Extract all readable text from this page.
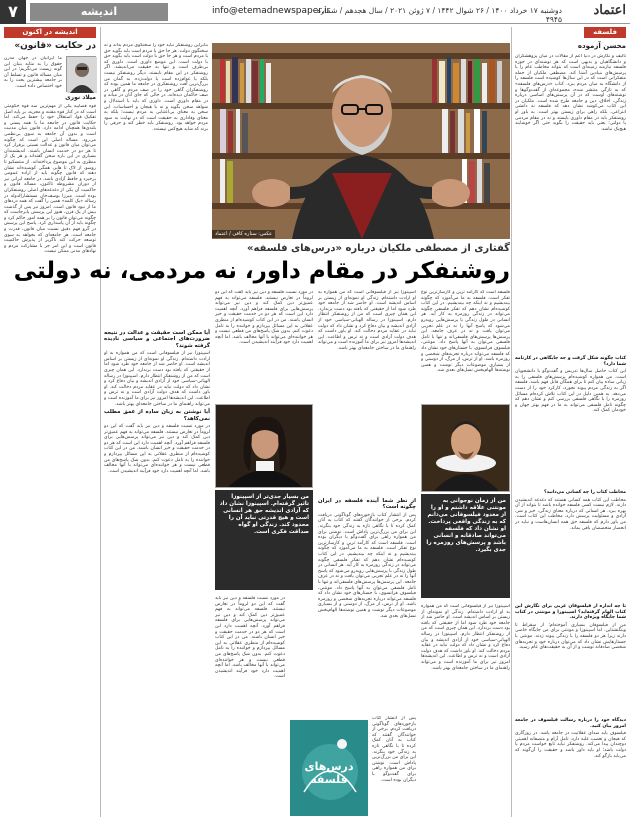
۷	اندیشه	info@etemadnewspaper.ir
دوشنبه ۱۷ خرداد ۱۴۰۰ / ۲۶ شوال ۱۴۴۲ / ۷ ژوئن ۲۰۲۱ / سال هجدهم / شماره ۴۹۴۵
اعتماد
اندیشه در اکنون
در حکایت «قانون»
ما ایرانیان در جهان مدرن حقوق را به مثابه بنیان این گونه زیست می‌نگریم؛ در این میان مساله قانون و تسلط آن بر جامعه بیشترین بحث را به خود اختصاص داده است.
میلاد نوری
قوه قضاییه یکی از مهم‌ترین سه قوه حکومتی است که در کنار قوه مقننه و مجریه، بر پایه اصل تفکیک قوا، استقلال خود را حفظ می‌کند. اما حکایت قانون در جامعه ما با همه پستی و بلندی‌ها همچنان ادامه دارد. قانون بنیان مدنیت است و بدون آن جامعه به سوی بی‌نظمی می‌رود. مساله اصلی این است که چگونه می‌توان میان قانون و عدالت نسبتی برقرار کرد تا هر دو در خدمت انسان باشند. اندیشمندان بسیاری در این باره سخن گفته‌اند و هر یک از منظری به این موضوع پرداخته‌اند. از منتسکیو تا روسو، از لاک تا هابز، همگی کوشیده‌اند نشان دهند که قانون چگونه باید از اراده عمومی برخیزد و حافظ آزادی باشد. در جامعه ایرانی نیز از دوران مشروطه تاکنون، مساله قانون و حاکمیت آن یکی از دغدغه‌های اصلی روشنفکران بوده است. میرزا یوسف‌خان مستشارالدوله در رساله «یک کلمه» همین را گفت که همه دردهای ما از نبود قانون است. امروز نیز پس از گذشت بیش از یک قرن، هنوز این پرسش پابرجاست که چگونه می‌توان قانون را بر همه امور حاکم کرد و چگونه باید از آن پاسداری کرد. پاسخ این پرسش در گرو فهم دقیق نسبت میان قانون، قدرت و جامعه است. هر جامعه‌ای که بخواهد به سوی توسعه حرکت کند ناگزیر از پذیرش حاکمیت قانون است و این امر جز با مشارکت مردم و نهادهای مدنی ممکن نیست.
فلسفه
محسن آزموده
تالیف و نگارش در دنیا اعم از مقالات در میان پژوهشگران و دانشگاهیان و بدیهی است که هر نوشته‌ای در حوزه فلسفه نیازمند زمینه‌ای است که بتواند مخاطب عام را با پرسش‌های بنیادین آشنا کند. مصطفی ملکیان از جمله متفکرانی است که در این سال‌ها کوشیده است فلسفه را از دانشگاه به میان مردم ببرد. کتاب «درس‌های فلسفه» که به تازگی منتشر شده، مجموعه‌ای از گفت‌وگوها و نوشته‌های اوست که در آن پرسش‌های اساسی درباره زندگی، اخلاق، دین و جامعه طرح شده است. ملکیان در این کتاب می‌کوشد نشان دهد که فلسفه نه دانشی انتزاعی، بلکه راهی برای زیستن بهتر است. به باور او روشنفکر باید در مقام داوری بایستد و نه در مقام مردمی یا دولتی؛ یعنی باید حقیقت را بگوید حتی اگر خوشایند هیچ‌یک نباشد.
کتاب چگونه شکل گرفت و جه جایگاهی در کارنامه شما دارد؟
این کتاب حاصل سال‌ها تدریس و گفت‌وگو با دانشجویان است. من همواره کوشیده‌ام پرسش‌های فلسفی را به زبانی ساده بیان کنم تا برای همگان قابل فهم باشد. فلسفه اگر به زندگی مردم پیوند نخورد، کارکرد خود را از دست می‌دهد. به همین دلیل در این کتاب تلاش کرده‌ام مسائل روزمره را با نگاهی فلسفی بررسی کنم و نشان دهم که چگونه تامل فلسفی می‌تواند به ما در فهم بهتر جهان و خودمان کمک کند.
مخاطب کتاب را چه کسانی می‌دانید؟
مخاطب این کتاب همه کسانی هستند که دغدغه اندیشیدن دارند. لازم نیست کسی فلسفه خوانده باشد تا بتواند از آن بهره ببرد. هر انسانی که درباره معنای زندگی، خیر و شر، آزادی و مسئولیت پرسش دارد، مخاطب این کتاب است. من باور دارم که فلسفه حق همه انسان‌هاست و نباید در انحصار متخصصان باقی بماند.
تا چه اندازه از فیلسوفان غربی برای نگارش این کتاب الهام گرفته‌اید؟ اسپینوزا و مونتنی در کتاب شما جایگاه ویژه‌ای دارند.
من از فیلسوفان بسیاری آموخته‌ام؛ از سقراط تا ویتگنشتاین. اما اسپینوزا و مونتنی برای من جایگاه خاصی دارند زیرا هر دو فلسفه را با زندگی پیوند زدند. مونتنی با جستارهایش نشان داد که می‌توان درباره خود و تجربه‌های شخصی صادقانه نوشت و از آن به حقیقت‌های عام رسید.
دیدگاه خود را درباره رسالت فیلسوف در جامعه امروز بیان کنید.
فیلسوف باید صدای عقلانیت در جامعه باشد. در روزگاری که هیجان و تعصب غلبه دارد، تامل آرام و منصفانه اهمیتی دوچندان پیدا می‌کند. روشنفکر نباید تابع خواست مردم یا دولت باشد؛ او باید داور باشد و حقیقت را آن‌گونه که می‌یابد بازگو کند.
بنابراین روشنفکر نباید خود را سخنگوی مردم بداند و نه سخنگوی دولت. هر جا حق با مردم است باید بگوید حق با مردم است و هر جا حق با دولت است باید بگوید حق با دولت است. این موضع داوری است. داوری که بی‌طرف است و تنها به حقیقت می‌اندیشد. اگر روشنفکر در این مقام نایستد، دیگر روشنفکر نیست بلکه یا عوام‌زده است یا دولت‌زده. به گمان من بزرگ‌ترین آفت روشنفکری در جامعه ما همین بوده که روشنفکران گاهی خود را در صف مردم و گاهی در صف حاکمان دیده‌اند، در حالی که جای آنان در میانه و در مقام داوری است. داوری که باید با استدلال و شواهد سخن بگوید و نه با هیجان و احساسات. این سخن به معنای بی‌اعتنایی به مردم نیست؛ بلکه به معنای وفاداری به حقیقت است که در نهایت به سود مردم خواهد بود. روشنفکر باید خطر کند و حرفی را بزند که شاید هیچ‌کس نپسندد.
عکس: ستاره کافی / اعتماد
گفتاری از مصطفی ملکیان درباره «درس‌های فلسفه»
روشنفکر در مقام داور، نه مردمی، نه دولتی
فلسفه است که کارآمد ترین و کارسازترین نوع تفکر است. فلسفه به ما می‌آموزد که چگونه بیندیشیم و نه اینکه چه بیندیشیم. در این کتاب کوشیده‌ام نشان دهم که تفکر فلسفی چگونه می‌تواند در زندگی روزمره به کار آید. هر انسانی در طول زندگی با پرسش‌هایی روبه‌رو می‌شود که پاسخ آنها را نه در علم تجربی می‌توان یافت و نه در عرف جامعه. این پرسش‌ها پرسش‌های فلسفی‌اند و تنها با تامل فلسفی می‌توان به آنها پاسخ داد. مونتنی، فیلسوف فرانسوی، با جستارهای خود نشان داد که فلسفه می‌تواند درباره تجربه‌های شخصی و روزمره باشد. او از ترس، از مرگ، از دوستی و از بسیاری موضوعات دیگر نوشت و همین نوشته‌ها الهام‌بخش نسل‌های بعدی شد.
اسپینوزا نیز از فیلسوفانی است که من همواره به او ارادت داشته‌ام. زندگی او نمونه‌ای از زیستن بر اساس اندیشه است. او حاضر شد از جامعه خود طرد شود اما از حقیقتی که یافته بود دست برندارد. این همان چیزی است که من از روشنفکر انتظار دارم. اسپینوزا در رساله الهیاتی-سیاسی خود از آزادی اندیشه و بیان دفاع کرد و نشان داد که دولت نباید در عقاید مردم دخالت کند. او باور داشت که هدف دولت آزادی است و نه ترس و اطاعت. این اندیشه‌ها امروز نیز برای ما آموزنده است و می‌تواند راهنمای ما در ساختن جامعه‌ای بهتر باشد.
در مورد نسبت فلسفه و دین نیز باید گفت که این دو لزوماً در تعارض نیستند. فلسفه می‌تواند به فهم عمیق‌تر دین کمک کند و دین نیز می‌تواند پرسش‌هایی برای فلسفه فراهم آورد. آنچه اهمیت دارد این است که هر دو در خدمت حقیقت و خیر انسان باشند. من در این کتاب کوشیده‌ام از منظری عقلانی به این مسائل بپردازم و خواننده را به تامل دعوت کنم. بدون شک پاسخ‌های من قطعی نیست و هر خواننده‌ای می‌تواند با آنها مخالف باشد. اما آنچه اهمیت دارد خود فرآیند اندیشیدن است.
آیا ممکن است حقیقت و عدالت در نتیجه ضرورت‌های اجتماعی و سیاسی نادیده گرفته شوند؟
اسپینوزا نیز از فیلسوفانی است که من همواره به او ارادت داشته‌ام. زندگی او نمونه‌ای از زیستن بر اساس اندیشه است. او حاضر شد از جامعه خود طرد شود اما از حقیقتی که یافته بود دست برندارد. این همان چیزی است که من از روشنفکر انتظار دارم. اسپینوزا در رساله الهیاتی-سیاسی خود از آزادی اندیشه و بیان دفاع کرد و نشان داد که دولت نباید در عقاید مردم دخالت کند. او باور داشت که هدف دولت آزادی است و نه ترس و اطاعت. این اندیشه‌ها امروز نیز برای ما آموزنده است و می‌تواند راهنمای ما در ساختن جامعه‌ای بهتر باشد.
آیا نوشتن به زبان ساده از عمق مطلب نمی‌کاهد؟
در مورد نسبت فلسفه و دین نیز باید گفت که این دو لزوماً در تعارض نیستند. فلسفه می‌تواند به فهم عمیق‌تر دین کمک کند و دین نیز می‌تواند پرسش‌هایی برای فلسفه فراهم آورد. آنچه اهمیت دارد این است که هر دو در خدمت حقیقت و خیر انسان باشند. من در این کتاب کوشیده‌ام از منظری عقلانی به این مسائل بپردازم و خواننده را به تامل دعوت کنم. بدون شک پاسخ‌های من قطعی نیست و هر خواننده‌ای می‌تواند با آنها مخالف باشد. اما آنچه اهمیت دارد خود فرآیند اندیشیدن است.
من از زمان نوجوانی به مونتنی علاقه داشتم و او را از معدود فیلسوفانی می‌دانم که به زندگی واقعی پرداخت. او نشان داد که فلسفه می‌تواند صادقانه و انسانی باشد و پرسش‌های روزمره را جدی بگیرد.
من بسیار جدی‌تر از اسپینوزا تاثیر گرفته‌ام. اسپینوزا نشان داد که آزادی اندیشه حق هر انسانی است و هیچ قدرتی نباید آن را محدود کند. زندگی او گواه صداقت فکری است.
از نظر شما آینده فلسفه در ایران چگونه است؟
پس از انتشار کتاب بازخوردهای گوناگونی دریافت کردم. برخی از خوانندگان گفتند که کتاب به آنان کمک کرده تا با نگاهی تازه به زندگی خود بنگرند. این برای من بزرگ‌ترین پاداش است. نوشتن برای من همواره راهی برای گفت‌وگو با دیگران بوده است. فلسفه است که کارآمد ترین و کارسازترین نوع تفکر است. فلسفه به ما می‌آموزد که چگونه بیندیشیم و نه اینکه چه بیندیشیم. در این کتاب کوشیده‌ام نشان دهم که تفکر فلسفی چگونه می‌تواند در زندگی روزمره به کار آید. هر انسانی در طول زندگی با پرسش‌هایی روبه‌رو می‌شود که پاسخ آنها را نه در علم تجربی می‌توان یافت و نه در عرف جامعه. این پرسش‌ها پرسش‌های فلسفی‌اند و تنها با تامل فلسفی می‌توان به آنها پاسخ داد. مونتنی، فیلسوف فرانسوی، با جستارهای خود نشان داد که فلسفه می‌تواند درباره تجربه‌های شخصی و روزمره باشد. او از ترس، از مرگ، از دوستی و از بسیاری موضوعات دیگر نوشت و همین نوشته‌ها الهام‌بخش نسل‌های بعدی شد.
اسپینوزا نیز از فیلسوفانی است که من همواره به او ارادت داشته‌ام. زندگی او نمونه‌ای از زیستن بر اساس اندیشه است. او حاضر شد از جامعه خود طرد شود اما از حقیقتی که یافته بود دست برندارد. این همان چیزی است که من از روشنفکر انتظار دارم. اسپینوزا در رساله الهیاتی-سیاسی خود از آزادی اندیشه و بیان دفاع کرد و نشان داد که دولت نباید در عقاید مردم دخالت کند. او باور داشت که هدف دولت آزادی است و نه ترس و اطاعت. این اندیشه‌ها امروز نیز برای ما آموزنده است و می‌تواند راهنمای ما در ساختن جامعه‌ای بهتر باشد.
در مورد نسبت فلسفه و دین نیز باید گفت که این دو لزوماً در تعارض نیستند. فلسفه می‌تواند به فهم عمیق‌تر دین کمک کند و دین نیز می‌تواند پرسش‌هایی برای فلسفه فراهم آورد. آنچه اهمیت دارد این است که هر دو در خدمت حقیقت و خیر انسان باشند. من در این کتاب کوشیده‌ام از منظری عقلانی به این مسائل بپردازم و خواننده را به تامل دعوت کنم. بدون شک پاسخ‌های من قطعی نیست و هر خواننده‌ای می‌تواند با آنها مخالف باشد. اما آنچه اهمیت دارد خود فرآیند اندیشیدن است.
پس از انتشار کتاب بازخوردهای گوناگونی دریافت کردم. برخی از خوانندگان گفتند که کتاب به آنان کمک کرده تا با نگاهی تازه به زندگی خود بنگرند. این برای من بزرگ‌ترین پاداش است. نوشتن برای من همواره راهی برای گفت‌وگو با دیگران بوده است.
درس‌های فلسفه
